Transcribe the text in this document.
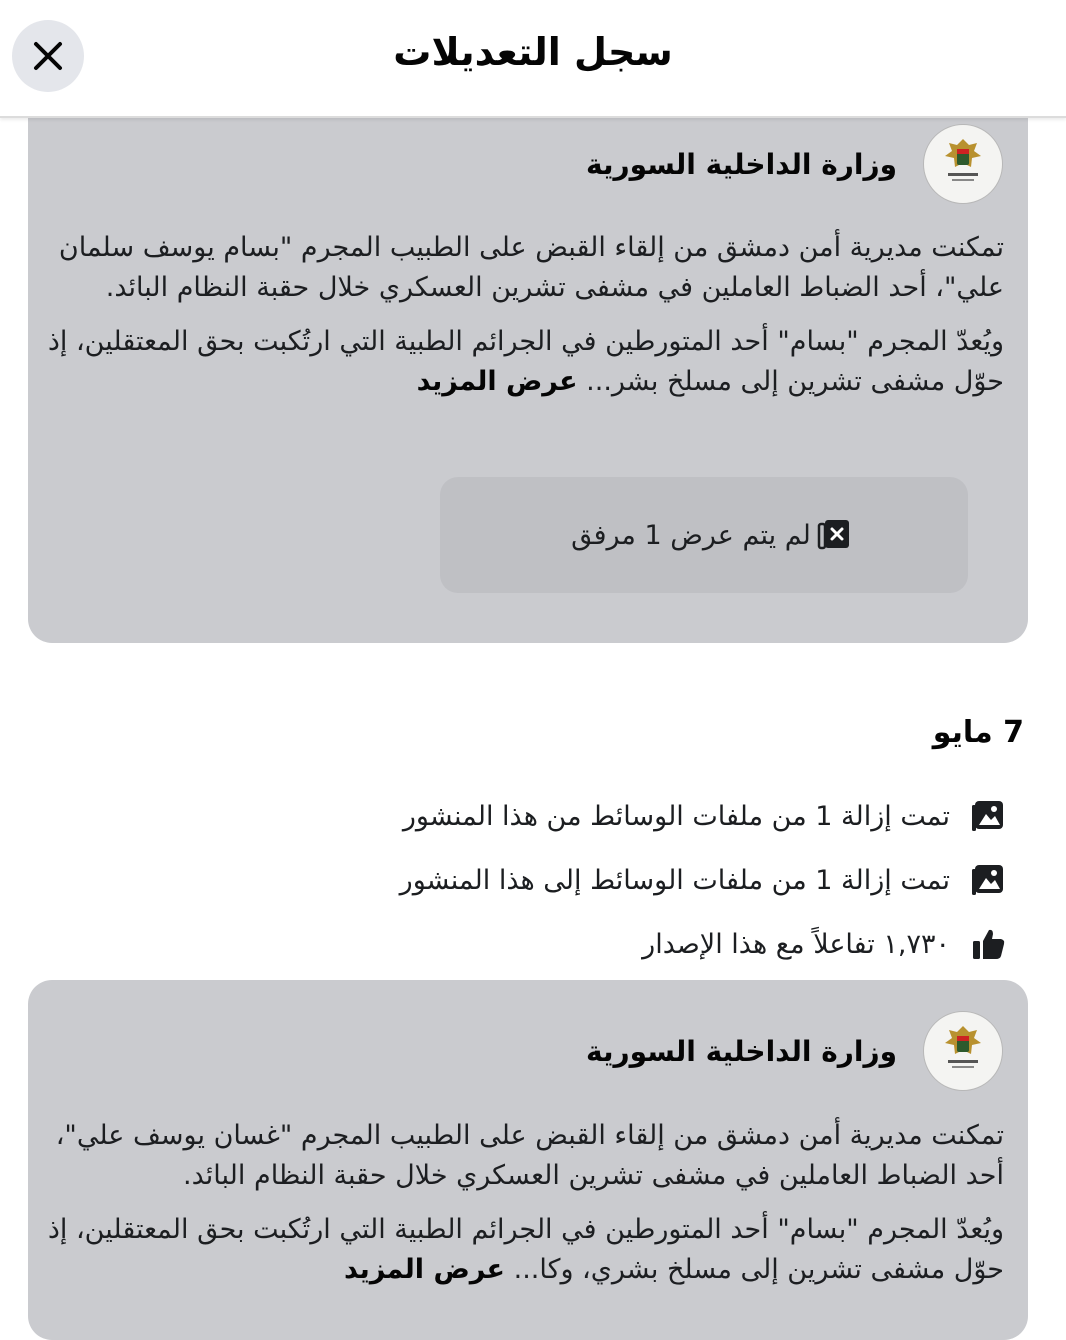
سجل التعديلات
وزارة الداخلية السورية

تمكنت مديرية أمن دمشق من إلقاء القبض على الطبيب المجرم "بسام يوسف سلمان علي"، أحد الضباط العاملين في مشفى تشرين العسكري خلال حقبة النظام البائد.

ويُعدّ المجرم "بسام" أحد المتورطين في الجرائم الطبية التي ارتُكبت بحق المعتقلين، إذ حوّل مشفى تشرين إلى مسلخ بشر... عرض المزيد

لم يتم عرض 1 مرفق
7 مايو
تمت إزالة 1 من ملفات الوسائط من هذا المنشور
تمت إزالة 1 من ملفات الوسائط إلى هذا المنشور
١,٧٣٠ تفاعلاً مع هذا الإصدار
وزارة الداخلية السورية

تمكنت مديرية أمن دمشق من إلقاء القبض على الطبيب المجرم "غسان يوسف علي"، أحد الضباط العاملين في مشفى تشرين العسكري خلال حقبة النظام البائد.

ويُعدّ المجرم "بسام" أحد المتورطين في الجرائم الطبية التي ارتُكبت بحق المعتقلين، إذ حوّل مشفى تشرين إلى مسلخ بشري، وكا... عرض المزيد
